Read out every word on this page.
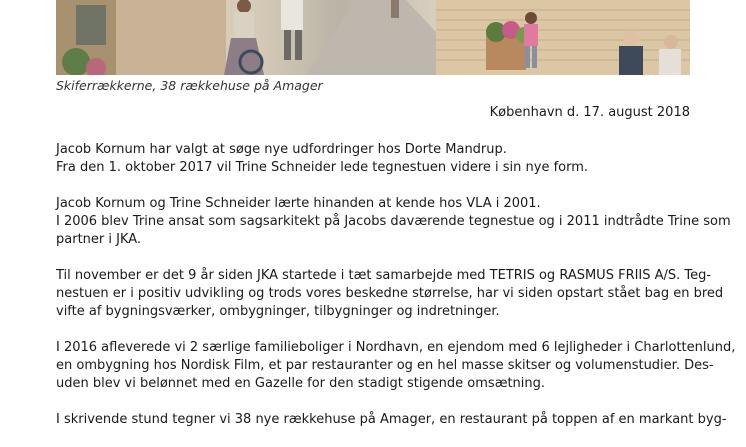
Skiferrækkerne, 38 rækkehuse på Amager
København d. 17. august 2018

Jacob Kornum har valgt at søge nye udfordringer hos Dorte Mandrup.
Fra den 1. oktober 2017 vil Trine Schneider lede tegnestuen videre i sin nye form.

Jacob Kornum og Trine Schneider lærte hinanden at kende hos VLA i 2001.
I 2006 blev Trine ansat som sagsarkitekt på Jacobs daværende tegnestue og i 2011 indtrådte Trine som
partner i JKA.

Til november er det 9 år siden JKA startede i tæt samarbejde med TETRIS og RASMUS FRIIS A/S. Teg-
nestuen er i positiv udvikling og trods vores beskedne størrelse, har vi siden opstart stået bag en bred
vifte af bygningsværker, ombygninger, tilbygninger og indretninger.

I 2016 afleverede vi 2 særlige familieboliger i Nordhavn, en ejendom med 6 lejligheder i Charlottenlund,
en ombygning hos Nordisk Film, et par restauranter og en hel masse skitser og volumenstudier. Des-
uden blev vi belønnet med en Gazelle for den stadigt stigende omsætning.

I skrivende stund tegner vi 38 nye rækkehuse på Amager, en restaurant på toppen af en markant byg-
